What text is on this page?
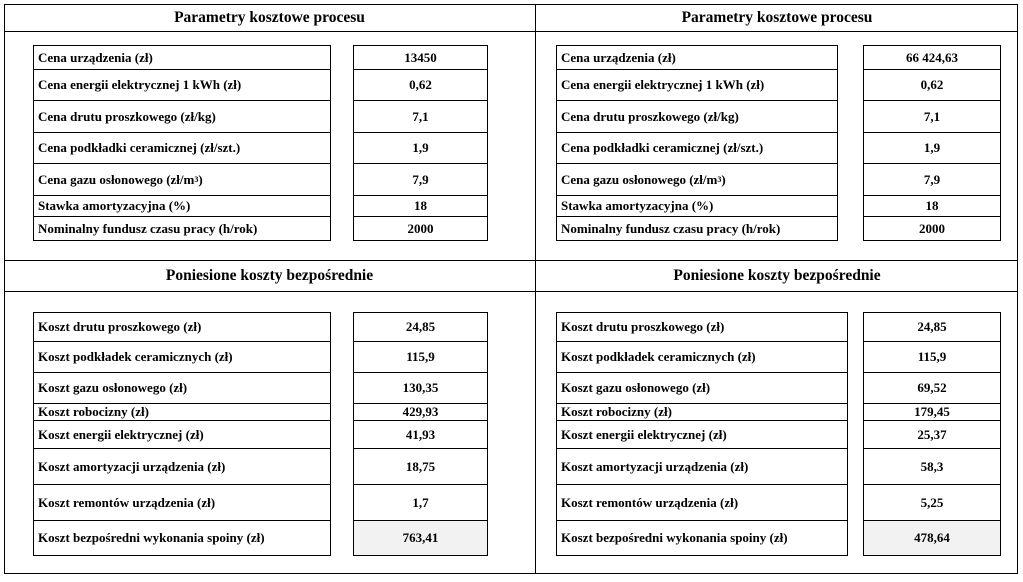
Parametry kosztowe procesu
Cena urządzenia (zł)
Cena energii elektrycznej 1 kWh (zł)
Cena drutu proszkowego (zł/kg)
Cena podkładki ceramicznej (zł/szt.)
Cena gazu osłonowego (zł/m 3 )
Stawka amortyzacyjna (%)
Nominalny fundusz czasu pracy (h/rok)
13450
0,62
7,1
1,9
7,9
18
2000
Poniesione koszty bezpośrednie
Koszt drutu proszkowego (zł)
Koszt podkładek ceramicznych (zł)
Koszt gazu osłonowego (zł)
Koszt robocizny (zł)
Koszt energii elektrycznej (zł)
Koszt amortyzacji urządzenia (zł)
Koszt remontów urządzenia (zł)
Koszt bezpośredni wykonania spoiny (zł)
24,85
115,9
130,35
429,93
41,93
18,75
1,7
763,41
Parametry kosztowe procesu
Cena urządzenia (zł)
Cena energii elektrycznej 1 kWh (zł)
Cena drutu proszkowego (zł/kg)
Cena podkładki ceramicznej (zł/szt.)
Cena gazu osłonowego (zł/m 3 )
Stawka amortyzacyjna (%)
Nominalny fundusz czasu pracy (h/rok)
66 424,63
0,62
7,1
1,9
7,9
18
2000
Poniesione koszty bezpośrednie
Koszt drutu proszkowego (zł)
Koszt podkładek ceramicznych (zł)
Koszt gazu osłonowego (zł)
Koszt robocizny (zł)
Koszt energii elektrycznej (zł)
Koszt amortyzacji urządzenia (zł)
Koszt remontów urządzenia (zł)
Koszt bezpośredni wykonania spoiny (zł)
24,85
115,9
69,52
179,45
25,37
58,3
5,25
478,64
